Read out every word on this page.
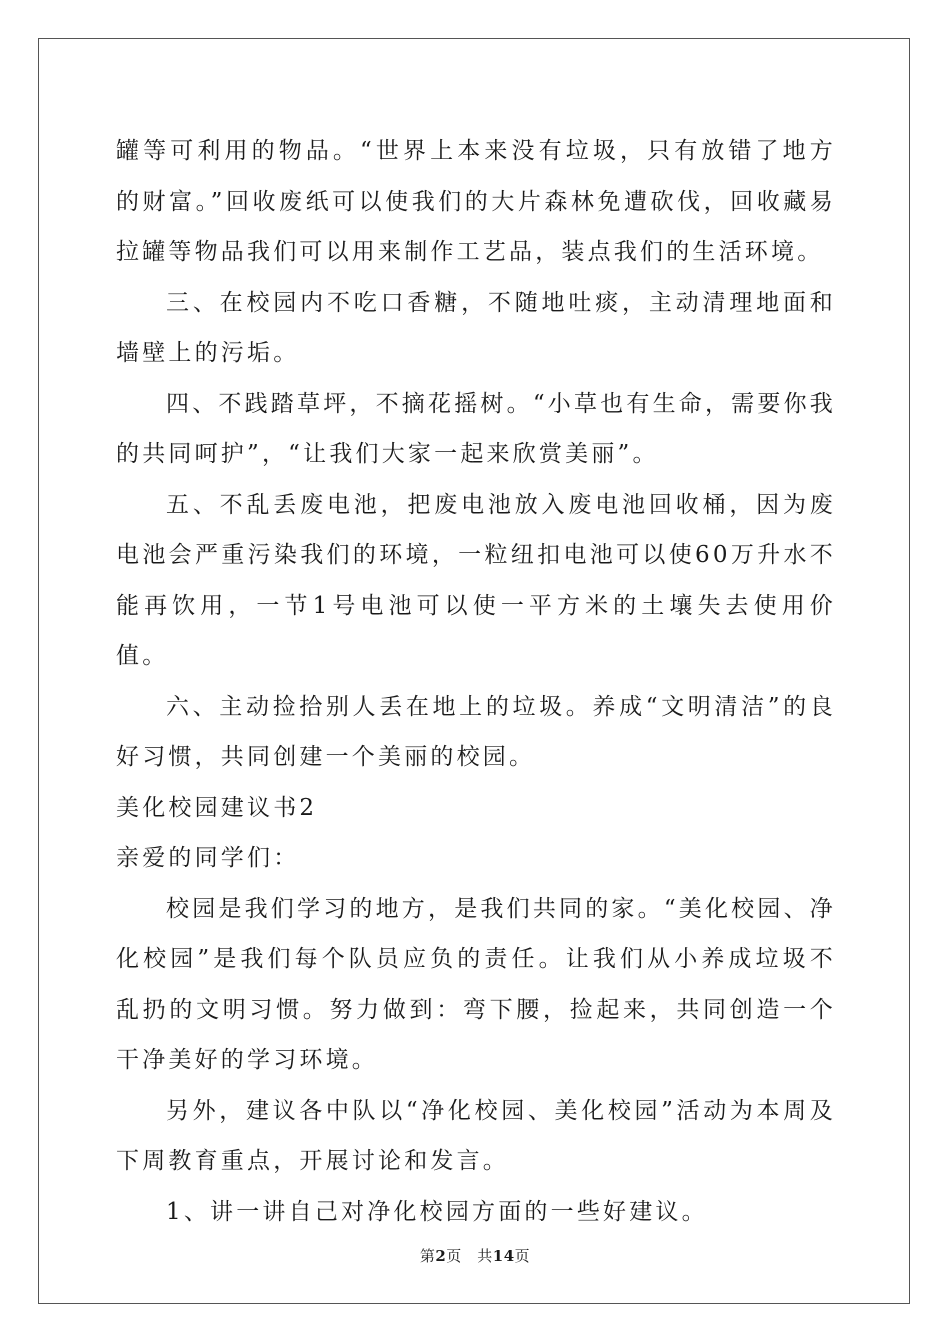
罐等可利用的物品。“世界上本来没有垃圾，只有放错了地方的财富。”回收废纸可以使我们的大片森林免遭砍伐，回收藏易拉罐等物品我们可以用来制作工艺品，装点我们的生活环境。

三、在校园内不吃口香糖，不随地吐痰，主动清理地面和墙壁上的污垢。

四、不践踏草坪，不摘花摇树。“小草也有生命，需要你我的共同呵护”，“让我们大家一起来欣赏美丽”。

五、不乱丢废电池，把废电池放入废电池回收桶，因为废电池会严重污染我们的环境，一粒纽扣电池可以使60万升水不能再饮用，一节1号电池可以使一平方米的土壤失去使用价值。

六、主动捡拾别人丢在地上的垃圾。养成“文明清洁”的良好习惯，共同创建一个美丽的校园。

美化校园建议书2

亲爱的同学们：

校园是我们学习的地方，是我们共同的家。“美化校园、净化校园”是我们每个队员应负的责任。让我们从小养成垃圾不乱扔的文明习惯。努力做到：弯下腰，捡起来，共同创造一个干净美好的学习环境。

另外，建议各中队以“净化校园、美化校园”活动为本周及下周教育重点，开展讨论和发言。

1、讲一讲自己对净化校园方面的一些好建议。

第2页　共14页
